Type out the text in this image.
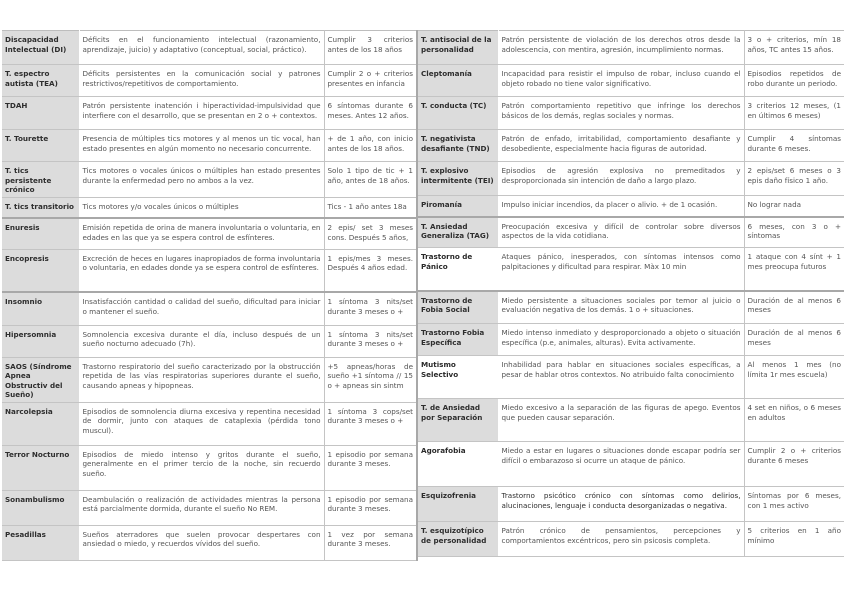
Discapacidad Intelectual (DI)	Déficits en el funcionamiento intelectual (razonamiento, aprendizaje, juicio) y adaptativo (conceptual, social, práctico).	Cumplir 3 criterios antes de los 18 años
T. espectro autista (TEA)	Déficits persistentes en la comunicación social y patrones restrictivos/repetitivos de comportamiento.	Cumplir 2 o + criterios presentes en infancia
TDAH	Patrón persistente inatención i hiperactividad-impulsividad que interfiere con el desarrollo, que se presentan en 2 o + contextos.	6 síntomas durante 6 meses. Antes 12 años.
T. Tourette	Presencia de múltiples tics motores y al menos un tic vocal, han estado presentes en algún momento no necesario concurrente.	+ de 1 año, con inicio antes de los 18 años.
T. tics persistente crónico	Tics motores o vocales únicos o múltiples han estado presentes durante la enfermedad pero no ambos a la vez.	Solo 1 tipo de tic + 1 año, antes de 18 años.
T. tics transitorio	Tics motores y/o vocales únicos o múltiples	Tics - 1 año antes 18a
Enuresis	Emisión repetida de orina de manera involuntaria o voluntaria, en edades en las que ya se espera control de esfínteres.	2 epis/ set 3 meses cons. Después 5 años,
Encopresis	Excreción de heces en lugares inapropiados de forma involuntaria o voluntaria, en edades donde ya se espera control de esfínteres.	1 epis/mes 3 meses. Después 4 años edad.
Insomnio	Insatisfacción cantidad o calidad del sueño, dificultad para iniciar o mantener el sueño.	1 síntoma 3 nits/set durante 3 meses o +
Hipersomnia	Somnolencia excesiva durante el día, incluso después de un sueño nocturno adecuado (7h).	1 síntoma 3 nits/set durante 3 meses o +
SAOS (Síndrome Apnea Obstructiv del Sueño)	Trastorno respiratorio del sueño caracterizado por la obstrucción repetida de las vías respiratorias superiores durante el sueño, causando apneas y hipopneas.	+5 apneas/horas de sueño +1 síntoma // 15 o + apneas sin sintm
Narcolepsia	Episodios de somnolencia diurna excesiva y repentina necesidad de dormir, junto con ataques de cataplexia (pérdida tono muscul).	1 síntoma 3 cops/set durante 3 meses o +
Terror Nocturno	Episodios de miedo intenso y gritos durante el sueño, generalmente en el primer tercio de la noche, sin recuerdo sueño.	1 episodio por semana durante 3 meses.
Sonambulismo	Deambulación o realización de actividades mientras la persona está parcialmente dormida, durante el sueño No REM.	1 episodio por semana durante 3 meses.
Pesadillas	Sueños aterradores que suelen provocar despertares con ansiedad o miedo, y recuerdos vívidos del sueño.	1 vez por semana durante 3 meses.
T. antisocial de la personalidad	Patrón persistente de violación de los derechos otros desde la adolescencia, con mentira, agresión, incumplimiento normas.	3 o + criterios, mín 18 años, TC antes 15 años.
Cleptomanía	Incapacidad para resistir el impulso de robar, incluso cuando el objeto robado no tiene valor significativo.	Episodios repetidos de robo durante un periodo.
T. conducta (TC)	Patrón comportamiento repetitivo que infringe los derechos básicos de los demás, reglas sociales y normas.	3 criterios 12 meses, (1 en últimos 6 meses)
T. negativista desafiante (TND)	Patrón de enfado, irritabilidad, comportamiento desafiante y desobediente, especialmente hacia figuras de autoridad.	Cumplir 4 síntomas durante 6 meses.
T. explosivo intermitente (TEI)	Episodios de agresión explosiva no premeditados y desproporcionada sin intención de daño a largo plazo.	2 epis/set 6 meses o 3 epis daño físico 1 año.
Piromanía	Impulso iniciar incendios, da placer o alivio. + de 1 ocasión.	No lograr nada
T. Ansiedad Generaliza (TAG)	Preocupación excesiva y difícil de controlar sobre diversos aspectos de la vida cotidiana.	6 meses, con 3 o + síntomas
Trastorno de Pánico	Ataques pánico, inesperados, con síntomas intensos como palpitaciones y dificultad para respirar. Màx 10 min	1 ataque con 4 sínt + 1 mes preocupa futuros
Trastorno de Fobia Social	Miedo persistente a situaciones sociales por temor al juicio o evaluación negativa de los demás. 1 o + situaciones.	Duración de al menos 6 meses
Trastorno Fobia Específica	Miedo intenso inmediato y desproporcionado a objeto o situación específica (p.e, animales, alturas). Evita activamente.	Duración de al menos 6 meses
Mutismo Selectivo	Inhabilidad para hablar en situaciones sociales específicas, a pesar de hablar otros contextos. No atribuido falta conocimiento	Al menos 1 mes (no límita 1r mes escuela)
T. de Ansiedad por Separación	Miedo excesivo a la separación de las figuras de apego. Eventos que pueden causar separación.	4 set en niños, o 6 meses en adultos
Agorafobia	Miedo a estar en lugares o situaciones donde escapar podría ser difícil o embarazoso si ocurre un ataque de pánico.	Cumplir 2 o + criterios durante 6 meses
Esquizofrenia	Trastorno psicótico crónico con síntomas como delirios, alucinaciones, lenguaje i conducta desorganizadas o negativa.	Síntomas por 6 meses, con 1 mes activo
T. esquizotípico de personalidad	Patrón crónico de pensamientos, percepciones y comportamientos excéntricos, pero sin psicosis completa.	5 criterios en 1 año mínimo
